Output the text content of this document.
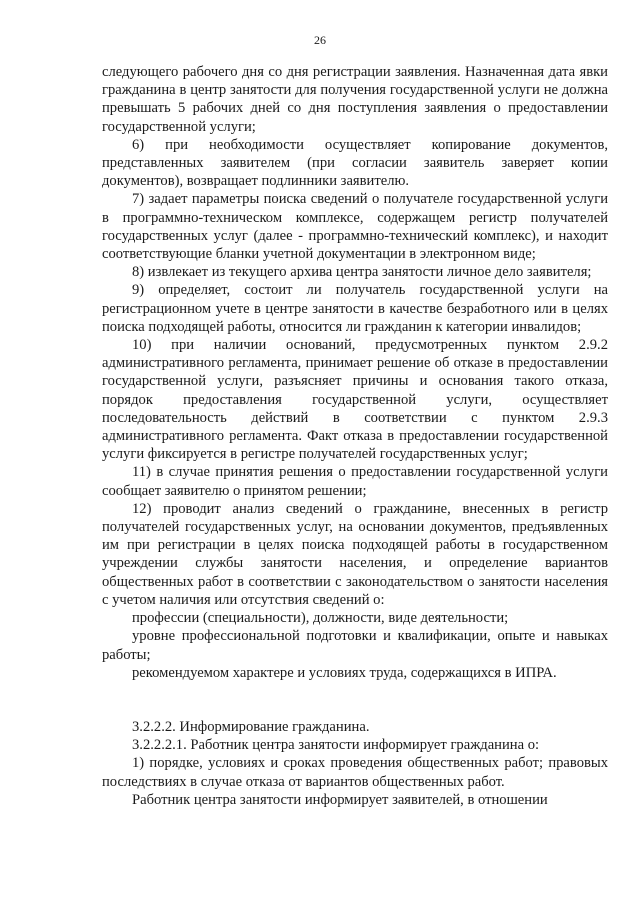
26

следующего рабочего дня со дня регистрации заявления. Назначенная дата явки гражданина в центр занятости для получения государственной услуги не должна превышать 5 рабочих дней со дня поступления заявления о предоставлении государственной услуги;

6) при необходимости осуществляет копирование документов, представленных заявителем (при согласии заявитель заверяет копии документов), возвращает подлинники заявителю.

7) задает параметры поиска сведений о получателе государственной услуги в программно-техническом комплексе, содержащем регистр получателей государственных услуг (далее - программно-технический комплекс), и находит соответствующие бланки учетной документации в электронном виде;

8) извлекает из текущего архива центра занятости личное дело заявителя;

9) определяет, состоит ли получатель государственной услуги на регистрационном учете в центре занятости в качестве безработного или в целях поиска подходящей работы, относится ли гражданин к категории инвалидов;

10) при наличии оснований, предусмотренных пунктом 2.9.2 административного регламента, принимает решение об отказе в предоставлении государственной услуги, разъясняет причины и основания такого отказа, порядок предоставления государственной услуги, осуществляет последовательность действий в соответствии с пунктом 2.9.3 административного регламента. Факт отказа в предоставлении государственной услуги фиксируется в регистре получателей государственных услуг;

11) в случае принятия решения о предоставлении государственной услуги сообщает заявителю о принятом решении;

12) проводит анализ сведений о гражданине, внесенных в регистр получателей государственных услуг, на основании документов, предъявленных им при регистрации в целях поиска подходящей работы в государственном учреждении службы занятости населения, и определение вариантов общественных работ в соответствии с законодательством о занятости населения с учетом наличия или отсутствия сведений о:

профессии (специальности), должности, виде деятельности;

уровне профессиональной подготовки и квалификации, опыте и навыках работы;

рекомендуемом характере и условиях труда, содержащихся в ИПРА.

3.2.2.2. Информирование гражданина.

3.2.2.2.1. Работник центра занятости информирует гражданина о:

1) порядке, условиях и сроках проведения общественных работ; правовых последствиях в случае отказа от вариантов общественных работ.

Работник центра занятости информирует заявителей, в отношении
